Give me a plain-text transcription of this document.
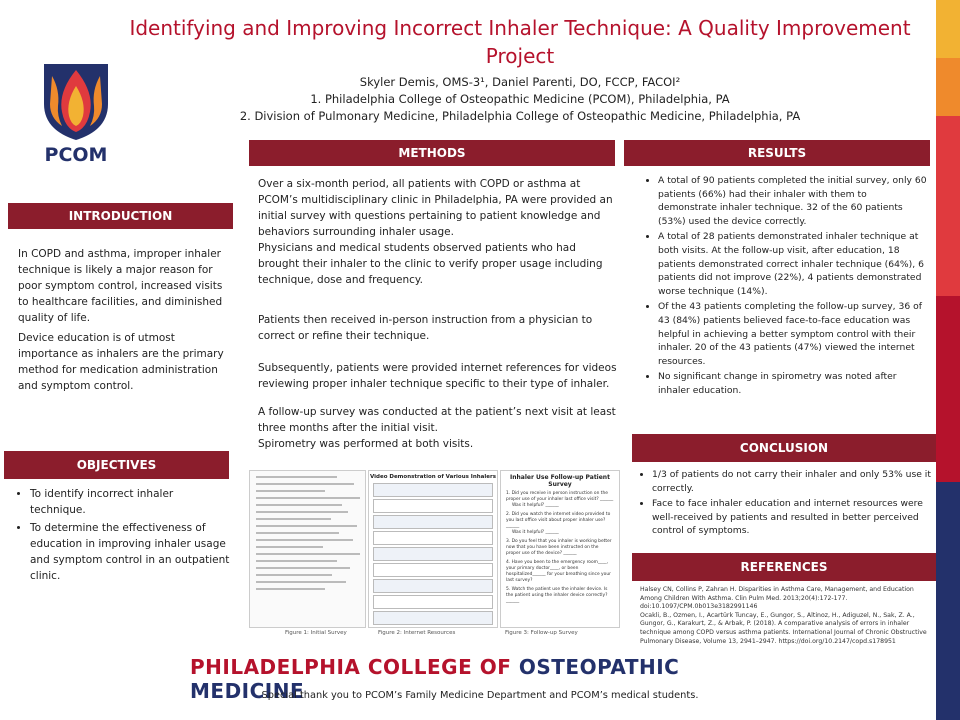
PCOM
Identifying and Improving Incorrect Inhaler Technique: A Quality Improvement Project
Skyler Demis, OMS-3¹, Daniel Parenti, DO, FCCP, FACOI²
1. Philadelphia College of Osteopathic Medicine (PCOM), Philadelphia, PA
2. Division of Pulmonary Medicine, Philadelphia College of Osteopathic Medicine, Philadelphia, PA
INTRODUCTION

In COPD and asthma, improper inhaler technique is likely a major reason for poor symptom control, increased visits to healthcare facilities, and diminished quality of life.

Device education is of utmost importance as inhalers are the primary method for medication administration and symptom control.

OBJECTIVES
• To identify incorrect inhaler technique.
• To determine the effectiveness of education in improving inhaler usage and symptom control in an outpatient clinic.
METHODS

Over a six-month period, all patients with COPD or asthma at PCOM’s multidisciplinary clinic in Philadelphia, PA were provided an initial survey with questions pertaining to patient knowledge and behaviors surrounding inhaler usage.

Physicians and medical students observed patients who had brought their inhaler to the clinic to verify proper usage including technique, dose and frequency.

Patients then received in-person instruction from a physician to correct or refine their technique.

Subsequently, patients were provided internet references for videos reviewing proper inhaler technique specific to their type of inhaler.

A follow-up survey was conducted at the patient’s next visit at least three months after the initial visit.

Spirometry was performed at both visits.

Figure 1: Initial Survey
Video Demonstration of Various Inhalers
Figure 2: Internet Resources
Inhaler Use Follow-up Patient Survey
1. Did you receive in person instruction on the proper use of your inhaler last office visit? ______
Was it helpful? ______
2. Did you watch the internet video provided to you last office visit about proper inhaler use? ______
Was it helpful? ______
3. Do you feel that you inhaler is working better now that you have been instructed on the proper use of the device? ______
4. Have you been to the emergency room____, your primary doctor____, or been hospitalized______ for your breathing since your last survey?
5. Watch the patient use the inhaler device. Is the patient using the inhaler device correctly? ______
Figure 3: Follow-up Survey
RESULTS
• A total of 90 patients completed the initial survey, only 60 patients (66%) had their inhaler with them to demonstrate inhaler technique. 32 of the 60 patients (53%) used the device correctly.
• A total of 28 patients demonstrated inhaler technique at both visits. At the follow-up visit, after education, 18 patients demonstrated correct inhaler technique (64%), 6 patients did not improve (22%), 4 patients demonstrated worse technique (14%).
• Of the 43 patients completing the follow-up survey, 36 of 43 (84%) patients believed face-to-face education was helpful in achieving a better symptom control with their inhaler. 20 of the 43 patients (47%) viewed the internet resources.
• No significant change in spirometry was noted after inhaler education.
CONCLUSION
• 1/3 of patients do not carry their inhaler and only 53% use it correctly.
• Face to face inhaler education and internet resources were well-received by patients and resulted in better perceived control of symptoms.
REFERENCES
Halsey CN, Collins P, Zahran H. Disparities in Asthma Care, Management, and Education Among Children With Asthma. Clin Pulm Med. 2013;20(4):172-177. doi:10.1097/CPM.0b013e3182991146
Ocakli, B., Ozmen, I., Acartürk Tuncay, E., Gungor, S., Altinoz, H., Adiguzel, N., Sak, Z. A., Gungor, G., Karakurt, Z., & Arbak, P. (2018). A comparative analysis of errors in inhaler technique among COPD versus asthma patients. International Journal of Chronic Obstructive Pulmonary Disease, Volume 13, 2941–2947. https://doi.org/10.2147/copd.s178951
PHILADELPHIA COLLEGE OF OSTEOPATHIC MEDICINE
Special thank you to PCOM’s Family Medicine Department and PCOM’s medical students.
